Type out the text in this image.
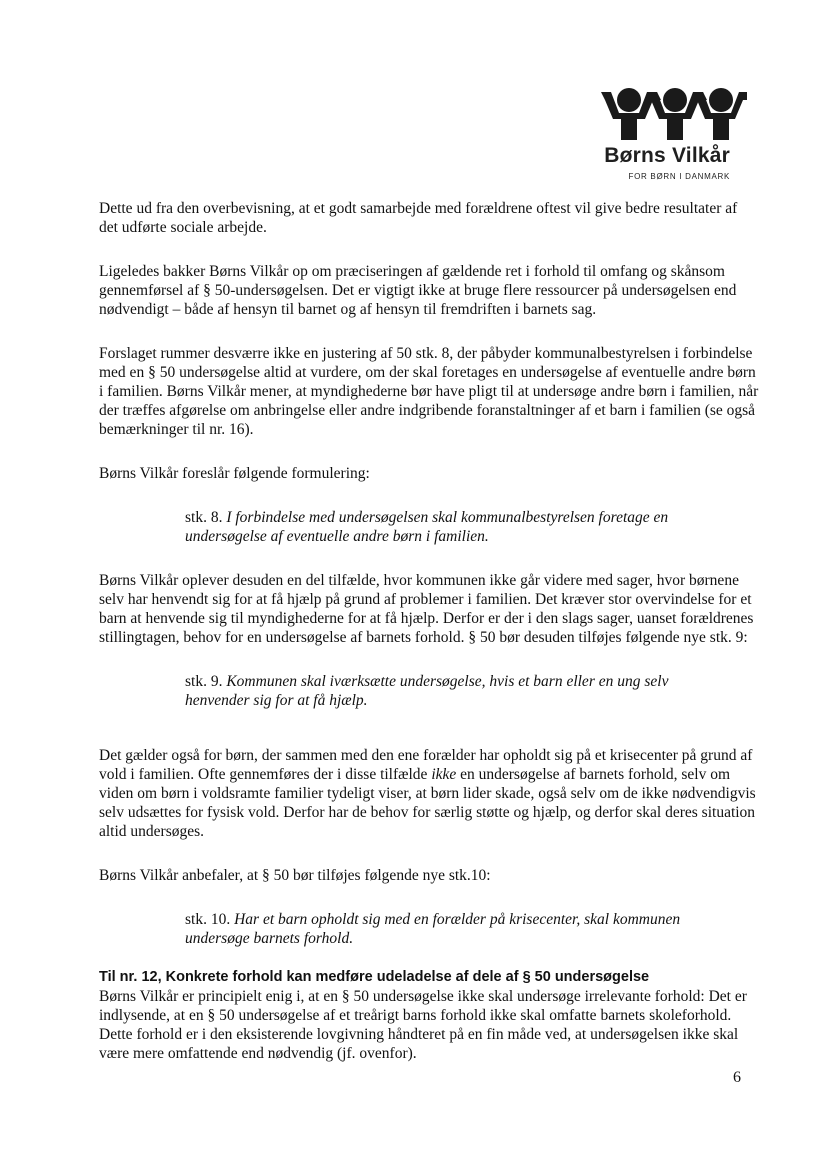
Børns Vilkår
FOR BØRN I DANMARK

Dette ud fra den overbevisning, at et godt samarbejde med forældrene oftest vil give bedre resultater af det udførte sociale arbejde.

Ligeledes bakker Børns Vilkår op om præciseringen af gældende ret i forhold til omfang og skånsom gennemførsel af § 50-undersøgelsen. Det er vigtigt ikke at bruge flere ressourcer på undersøgelsen end nødvendigt – både af hensyn til barnet og af hensyn til fremdriften i barnets sag.

Forslaget rummer desværre ikke en justering af 50 stk. 8, der påbyder kommunalbestyrelsen i forbindelse med en § 50 undersøgelse altid at vurdere, om der skal foretages en undersøgelse af eventuelle andre børn i familien. Børns Vilkår mener, at myndighederne bør have pligt til at undersøge andre børn i familien, når der træffes afgørelse om anbringelse eller andre indgribende foranstaltninger af et barn i familien (se også bemærkninger til nr. 16).

Børns Vilkår foreslår følgende formulering:

stk. 8. I forbindelse med undersøgelsen skal kommunalbestyrelsen foretage en undersøgelse af eventuelle andre børn i familien.

Børns Vilkår oplever desuden en del tilfælde, hvor kommunen ikke går videre med sager, hvor børnene selv har henvendt sig for at få hjælp på grund af problemer i familien. Det kræver stor overvindelse for et barn at henvende sig til myndighederne for at få hjælp. Derfor er der i den slags sager, uanset forældrenes stillingtagen, behov for en undersøgelse af barnets forhold. § 50 bør desuden tilføjes følgende nye stk. 9:

stk. 9. Kommunen skal iværksætte undersøgelse, hvis et barn eller en ung selv henvender sig for at få hjælp.

Det gælder også for børn, der sammen med den ene forælder har opholdt sig på et krisecenter på grund af vold i familien. Ofte gennemføres der i disse tilfælde ikke en undersøgelse af barnets forhold, selv om viden om børn i voldsramte familier tydeligt viser, at børn lider skade, også selv om de ikke nødvendigvis selv udsættes for fysisk vold. Derfor har de behov for særlig støtte og hjælp, og derfor skal deres situation altid undersøges.

Børns Vilkår anbefaler, at § 50 bør tilføjes følgende nye stk.10:

stk. 10. Har et barn opholdt sig med en forælder på krisecenter, skal kommunen undersøge barnets forhold.

Til nr. 12, Konkrete forhold kan medføre udeladelse af dele af § 50 undersøgelse

Børns Vilkår er principielt enig i, at en § 50 undersøgelse ikke skal undersøge irrelevante forhold: Det er indlysende, at en § 50 undersøgelse af et treårigt barns forhold ikke skal omfatte barnets skoleforhold. Dette forhold er i den eksisterende lovgivning håndteret på en fin måde ved, at undersøgelsen ikke skal være mere omfattende end nødvendig (jf. ovenfor).

6
